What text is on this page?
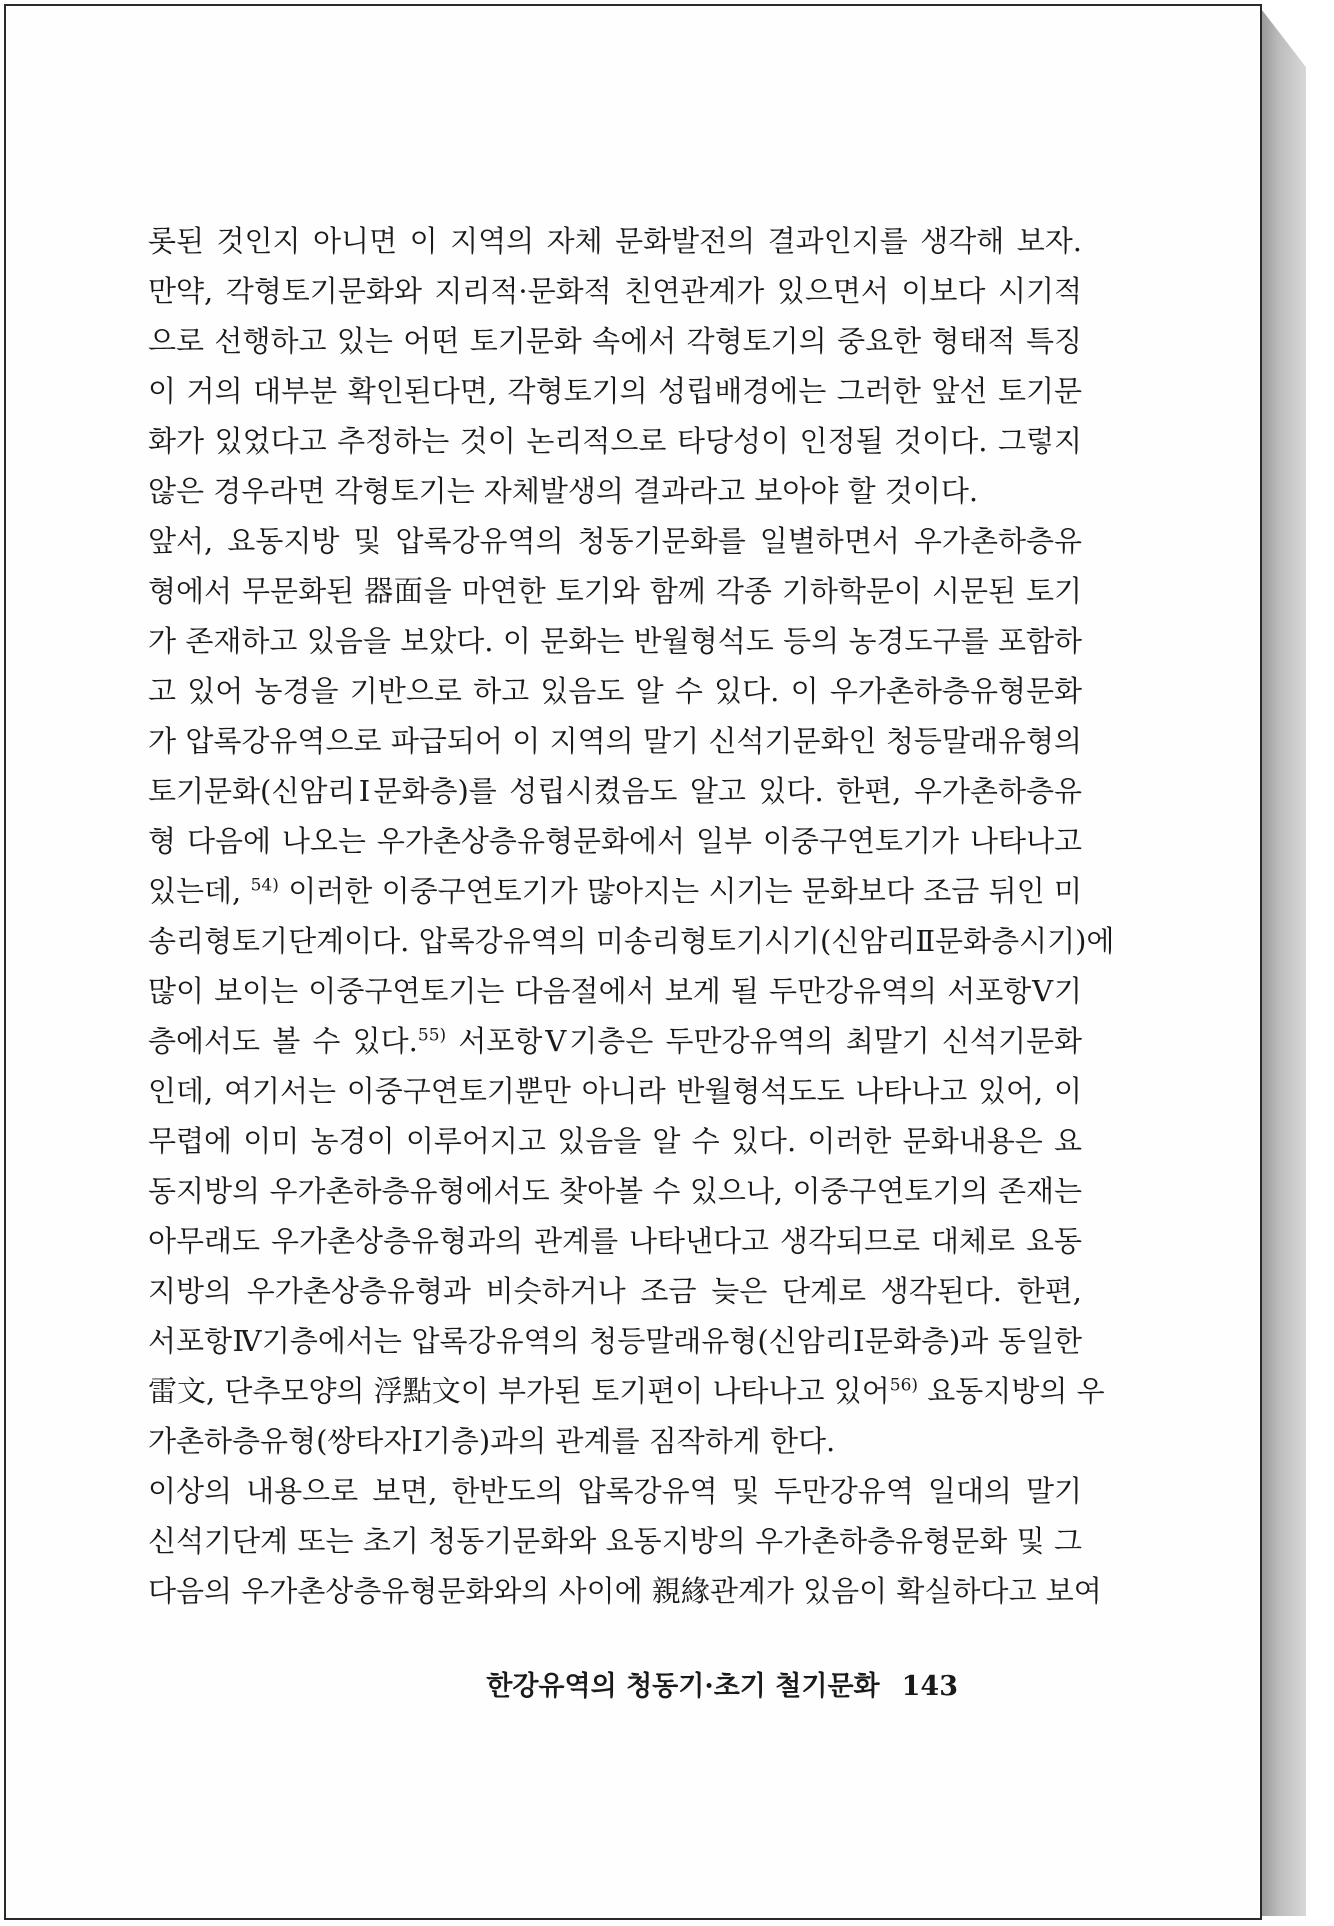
롯된 것인지 아니면 이 지역의 자체 문화발전의 결과인지를 생각해 보자.
만약, 각형토기문화와 지리적·문화적 친연관계가 있으면서 이보다 시기적
으로 선행하고 있는 어떤 토기문화 속에서 각형토기의 중요한 형태적 특징
이 거의 대부분 확인된다면, 각형토기의 성립배경에는 그러한 앞선 토기문
화가 있었다고 추정하는 것이 논리적으로 타당성이 인정될 것이다. 그렇지
않은 경우라면 각형토기는 자체발생의 결과라고 보아야 할 것이다.
앞서, 요동지방 및 압록강유역의 청동기문화를 일별하면서 우가촌하층유
형에서 무문화된 器面을 마연한 토기와 함께 각종 기하학문이 시문된 토기
가 존재하고 있음을 보았다. 이 문화는 반월형석도 등의 농경도구를 포함하
고 있어 농경을 기반으로 하고 있음도 알 수 있다. 이 우가촌하층유형문화
가 압록강유역으로 파급되어 이 지역의 말기 신석기문화인 청등말래유형의
토기문화(신암리Ⅰ문화층)를 성립시켰음도 알고 있다. 한편, 우가촌하층유
형 다음에 나오는 우가촌상층유형문화에서 일부 이중구연토기가 나타나고
있는데, $^{54)}$ 이러한 이중구연토기가 많아지는 시기는 문화보다 조금 뒤인 미
송리형토기단계이다. 압록강유역의 미송리형토기시기(신암리Ⅱ문화층시기)에
많이 보이는 이중구연토기는 다음절에서 보게 될 두만강유역의 서포항Ⅴ기
층에서도 볼 수 있다.$^{55)}$ 서포항Ⅴ기층은 두만강유역의 최말기 신석기문화
인데, 여기서는 이중구연토기뿐만 아니라 반월형석도도 나타나고 있어, 이
무렵에 이미 농경이 이루어지고 있음을 알 수 있다. 이러한 문화내용은 요
동지방의 우가촌하층유형에서도 찾아볼 수 있으나, 이중구연토기의 존재는
아무래도 우가촌상층유형과의 관계를 나타낸다고 생각되므로 대체로 요동
지방의 우가촌상층유형과 비슷하거나 조금 늦은 단계로 생각된다. 한편,
서포항Ⅳ기층에서는 압록강유역의 청등말래유형(신암리Ⅰ문화층)과 동일한
雷文, 단추모양의 浮點文이 부가된 토기편이 나타나고 있어$^{56)}$ 요동지방의 우
가촌하층유형(쌍타자Ⅰ기층)과의 관계를 짐작하게 한다.
이상의 내용으로 보면, 한반도의 압록강유역 및 두만강유역 일대의 말기
신석기단계 또는 초기 청동기문화와 요동지방의 우가촌하층유형문화 및 그
다음의 우가촌상층유형문화와의 사이에 親緣관계가 있음이 확실하다고 보여
한강유역의 청동기·초기 철기문화 143
